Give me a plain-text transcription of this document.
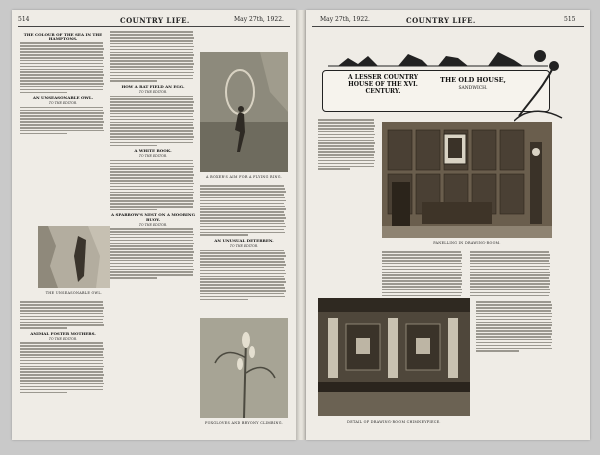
514	COUNTRY LIFE.	May 27th, 1922.
THE COLOUR OF THE SEA IN THE HAMPTONS.
AN UNSEASONABLE OWL.
TO THE EDITOR.
THE UNSEASONABLE OWL.
ANIMAL FOSTER MOTHERS.
TO THE EDITOR.
HOW A RAT FIELD AN EGG.
TO THE EDITOR.
A WHITE ROOK.
TO THE EDITOR.
A SPARROW'S NEST ON A MOORING BUOY.
TO THE EDITOR.
A BOXER'S AIM FOR A FLYING RING.
AN UNUSUAL DETERREN.
TO THE EDITOR.
FOXGLOVES AND BRYONY CLIMBING.
May 27th, 1922.	COUNTRY LIFE.	515
A LESSER COUNTRY HOUSE OF THE XVI. CENTURY.
THE OLD HOUSE,
SANDWICH.
PANELLING IN DRAWING-ROOM.
DETAIL OF DRAWING-ROOM CHIMNEYPIECE.
